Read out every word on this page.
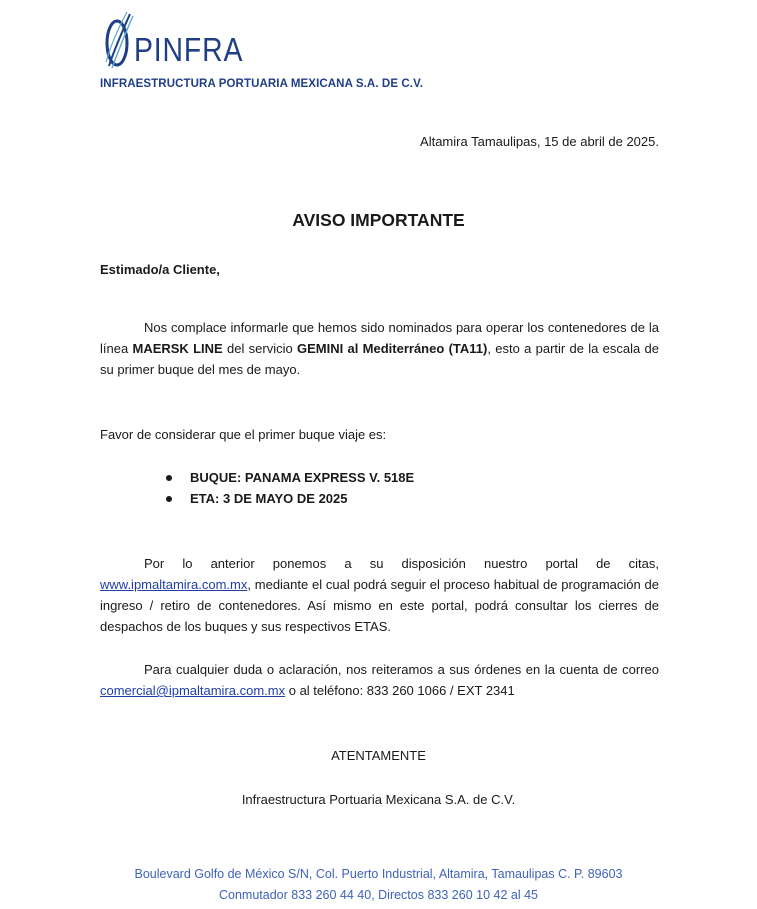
PINFRA
INFRAESTRUCTURA PORTUARIA MEXICANA S.A. DE C.V.
Altamira Tamaulipas, 15 de abril de 2025.
AVISO IMPORTANTE
Estimado/a Cliente,
Nos complace informarle que hemos sido nominados para operar los contenedores de la línea MAERSK LINE del servicio GEMINI al Mediterráneo (TA11), esto a partir de la escala de su primer buque del mes de mayo.
Favor de considerar que el primer buque viaje es:
BUQUE: PANAMA EXPRESS V. 518E
ETA: 3 DE MAYO DE 2025
Por lo anterior ponemos a su disposición nuestro portal de citas, www.ipmaltamira.com.mx, mediante el cual podrá seguir el proceso habitual de programación de ingreso / retiro de contenedores. Así mismo en este portal, podrá consultar los cierres de despachos de los buques y sus respectivos ETAS.
Para cualquier duda o aclaración, nos reiteramos a sus órdenes en la cuenta de correo comercial@ipmaltamira.com.mx o al teléfono: 833 260 1066 / EXT 2341
ATENTAMENTE
Infraestructura Portuaria Mexicana S.A. de C.V.
Boulevard Golfo de México S/N, Col. Puerto Industrial, Altamira, Tamaulipas C. P. 89603
Conmutador 833 260 44 40, Directos 833 260 10 42 al 45
